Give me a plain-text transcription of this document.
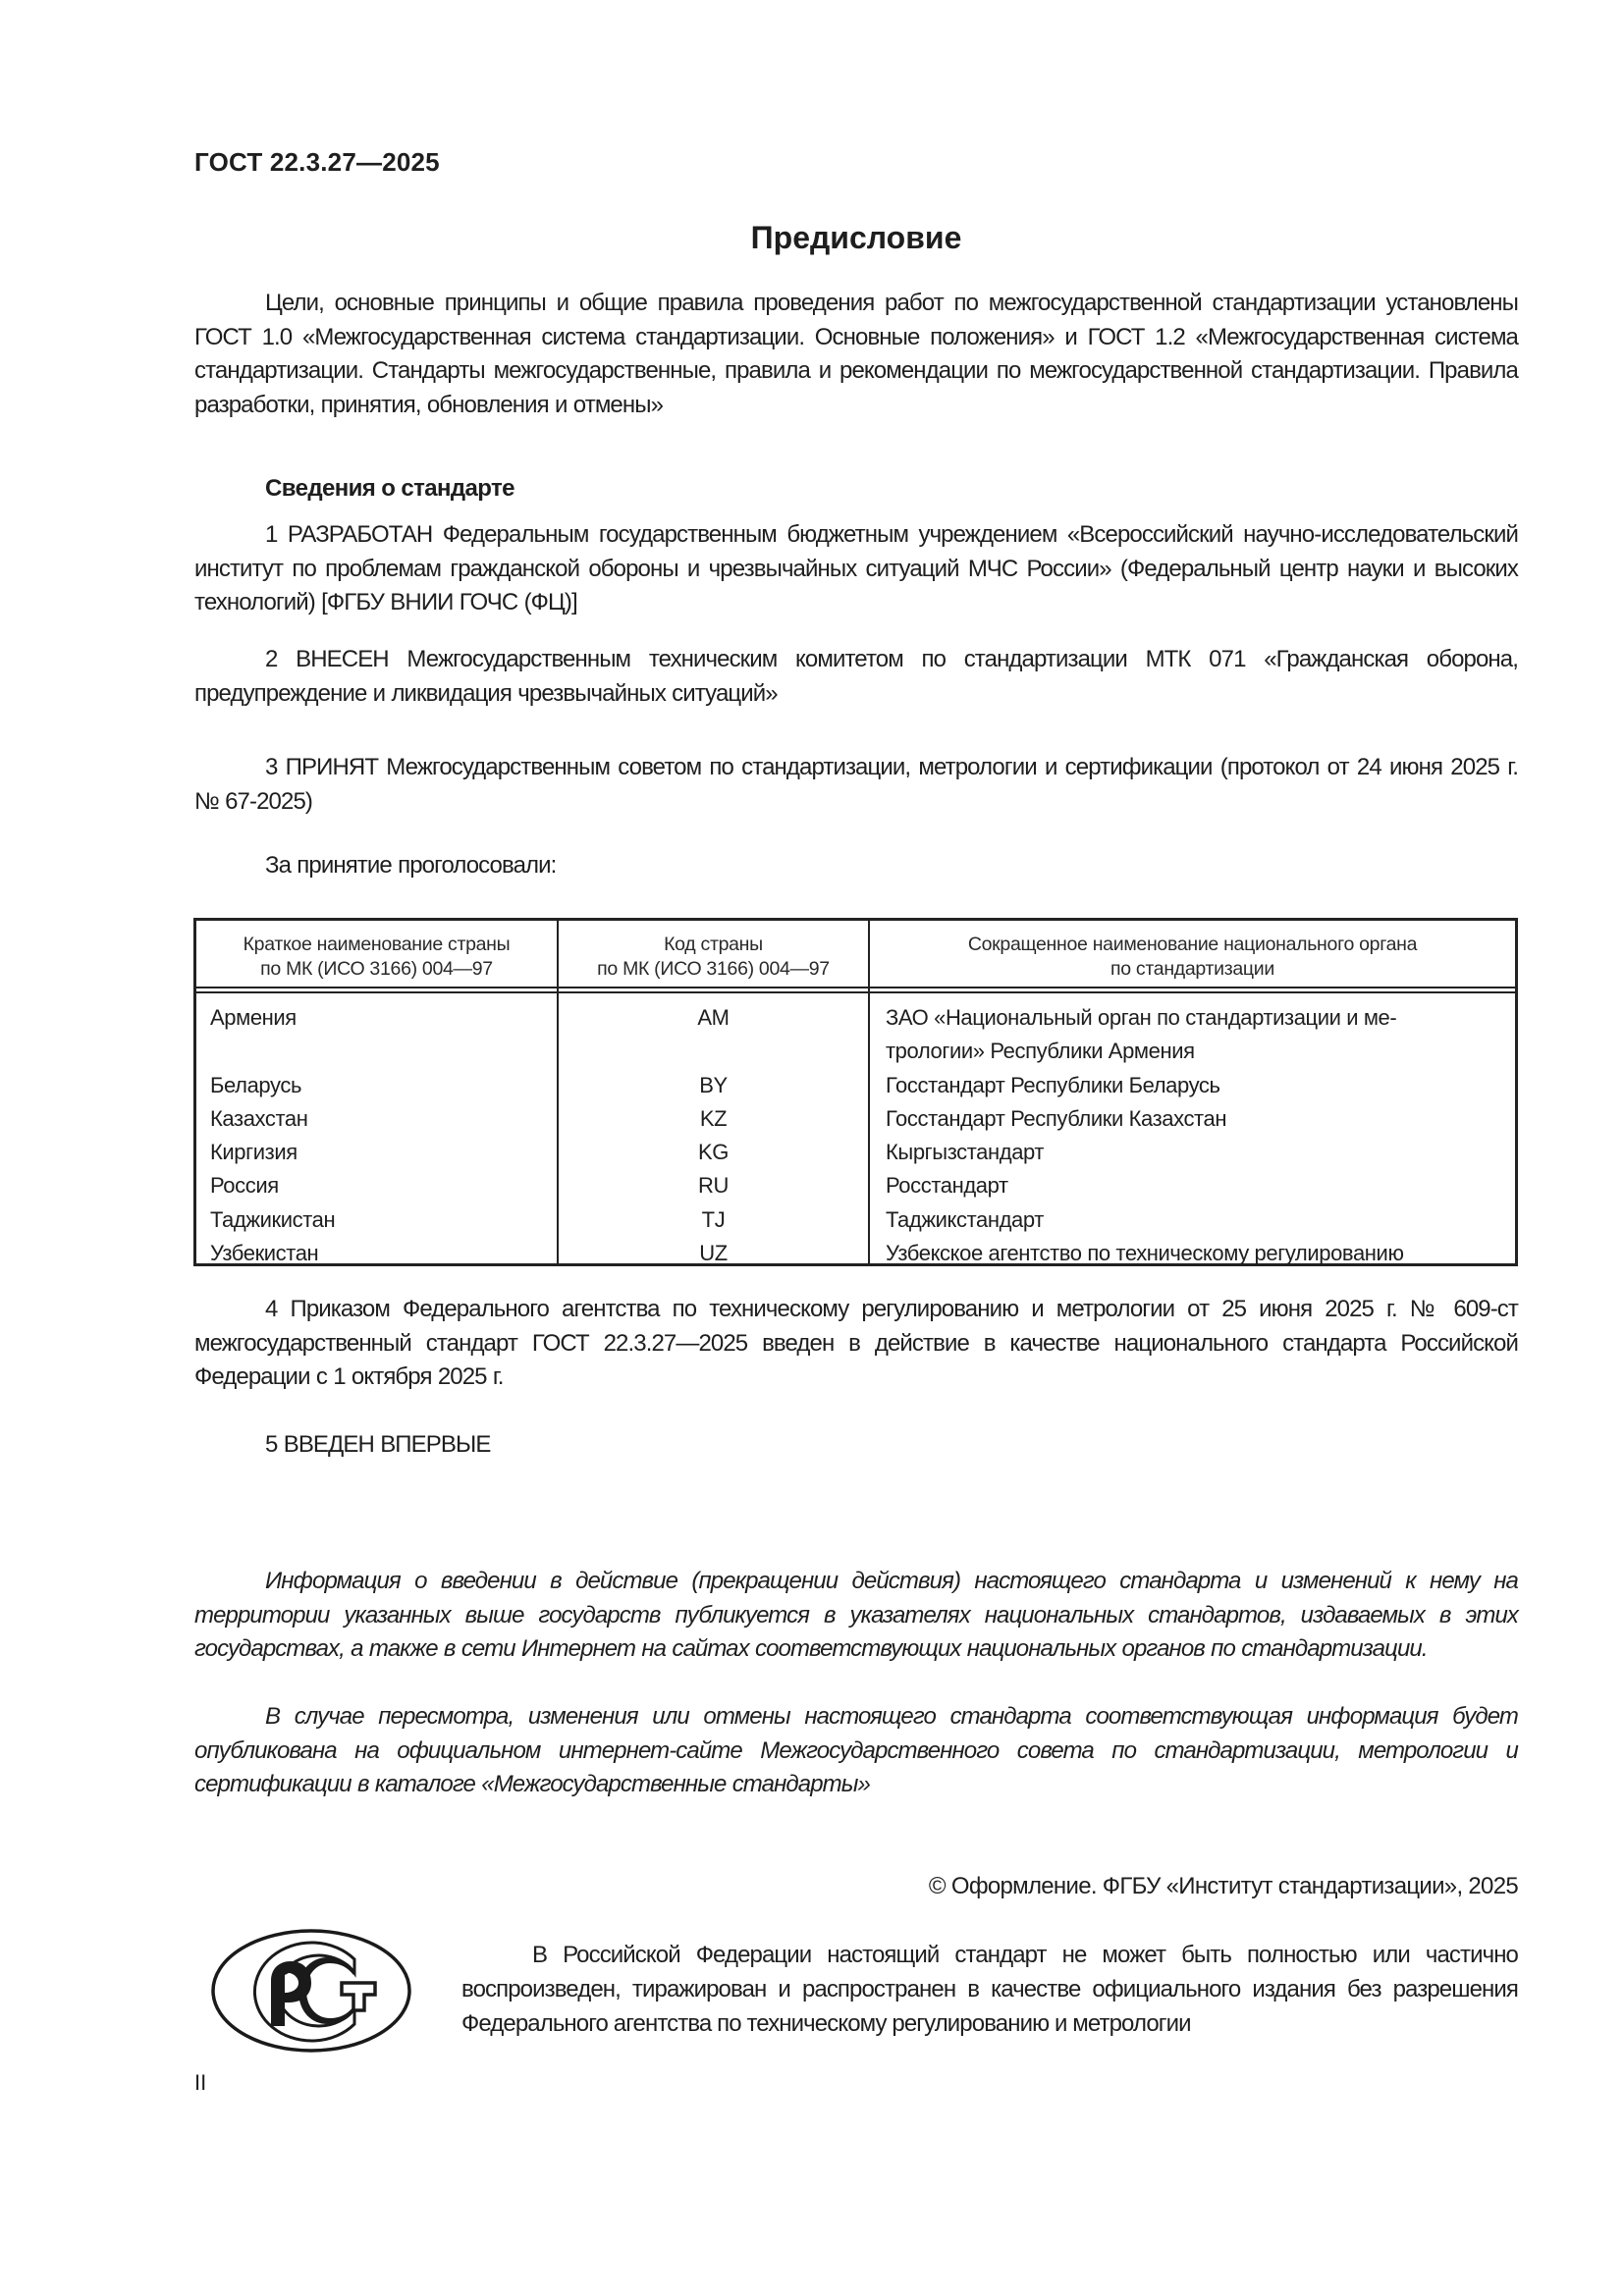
ГОСТ 22.3.27—2025
Предисловие
Цели, основные принципы и общие правила проведения работ по межгосударственной стандартизации установлены ГОСТ 1.0 «Межгосударственная система стандартизации. Основные положения» и ГОСТ 1.2 «Межгосударственная система стандартизации. Стандарты межгосударственные, правила и рекомендации по межгосударственной стандартизации. Правила разработки, принятия, обновления и отмены»
Сведения о стандарте
1 РАЗРАБОТАН Федеральным государственным бюджетным учреждением «Всероссийский научно-исследовательский институт по проблемам гражданской обороны и чрезвычайных ситуаций МЧС России» (Федеральный центр науки и высоких технологий) [ФГБУ ВНИИ ГОЧС (ФЦ)]
2 ВНЕСЕН Межгосударственным техническим комитетом по стандартизации МТК 071 «Гражданская оборона, предупреждение и ликвидация чрезвычайных ситуаций»
3 ПРИНЯТ Межгосударственным советом по стандартизации, метрологии и сертификации (протокол от 24 июня 2025 г. № 67-2025)
За принятие проголосовали:
Краткое наименование страны
по МК (ИСО 3166) 004—97
Код страны
по МК (ИСО 3166) 004—97
Сокращенное наименование национального органа
по стандартизации
Армения

Беларусь
Казахстан
Киргизия
Россия
Таджикистан
Узбекистан
AM

BY
KZ
KG
RU
TJ
UZ
ЗАО «Национальный орган по стандартизации и ме-
трологии» Республики Армения
Госстандарт Республики Беларусь
Госстандарт Республики Казахстан
Кыргызстандарт
Росстандарт
Таджикстандарт
Узбекское агентство по техническому регулированию
4 Приказом Федерального агентства по техническому регулированию и метрологии от 25 июня 2025 г. № 609-ст межгосударственный стандарт ГОСТ 22.3.27—2025 введен в действие в качестве национального стандарта Российской Федерации с 1 октября 2025 г.
5 ВВЕДЕН ВПЕРВЫЕ
Информация о введении в действие (прекращении действия) настоящего стандарта и изменений к нему на территории указанных выше государств публикуется в указателях национальных стандартов, издаваемых в этих государствах, а также в сети Интернет на сайтах соответствующих национальных органов по стандартизации.
В случае пересмотра, изменения или отмены настоящего стандарта соответствующая информация будет опубликована на официальном интернет-сайте Межгосударственного совета по стандартизации, метрологии и сертификации в каталоге «Межгосударственные стандарты»
© Оформление. ФГБУ «Институт стандартизации», 2025
В Российской Федерации настоящий стандарт не может быть полностью или частично воспроизведен, тиражирован и распространен в качестве официального издания без разрешения Федерального агентства по техническому регулированию и метрологии
II
